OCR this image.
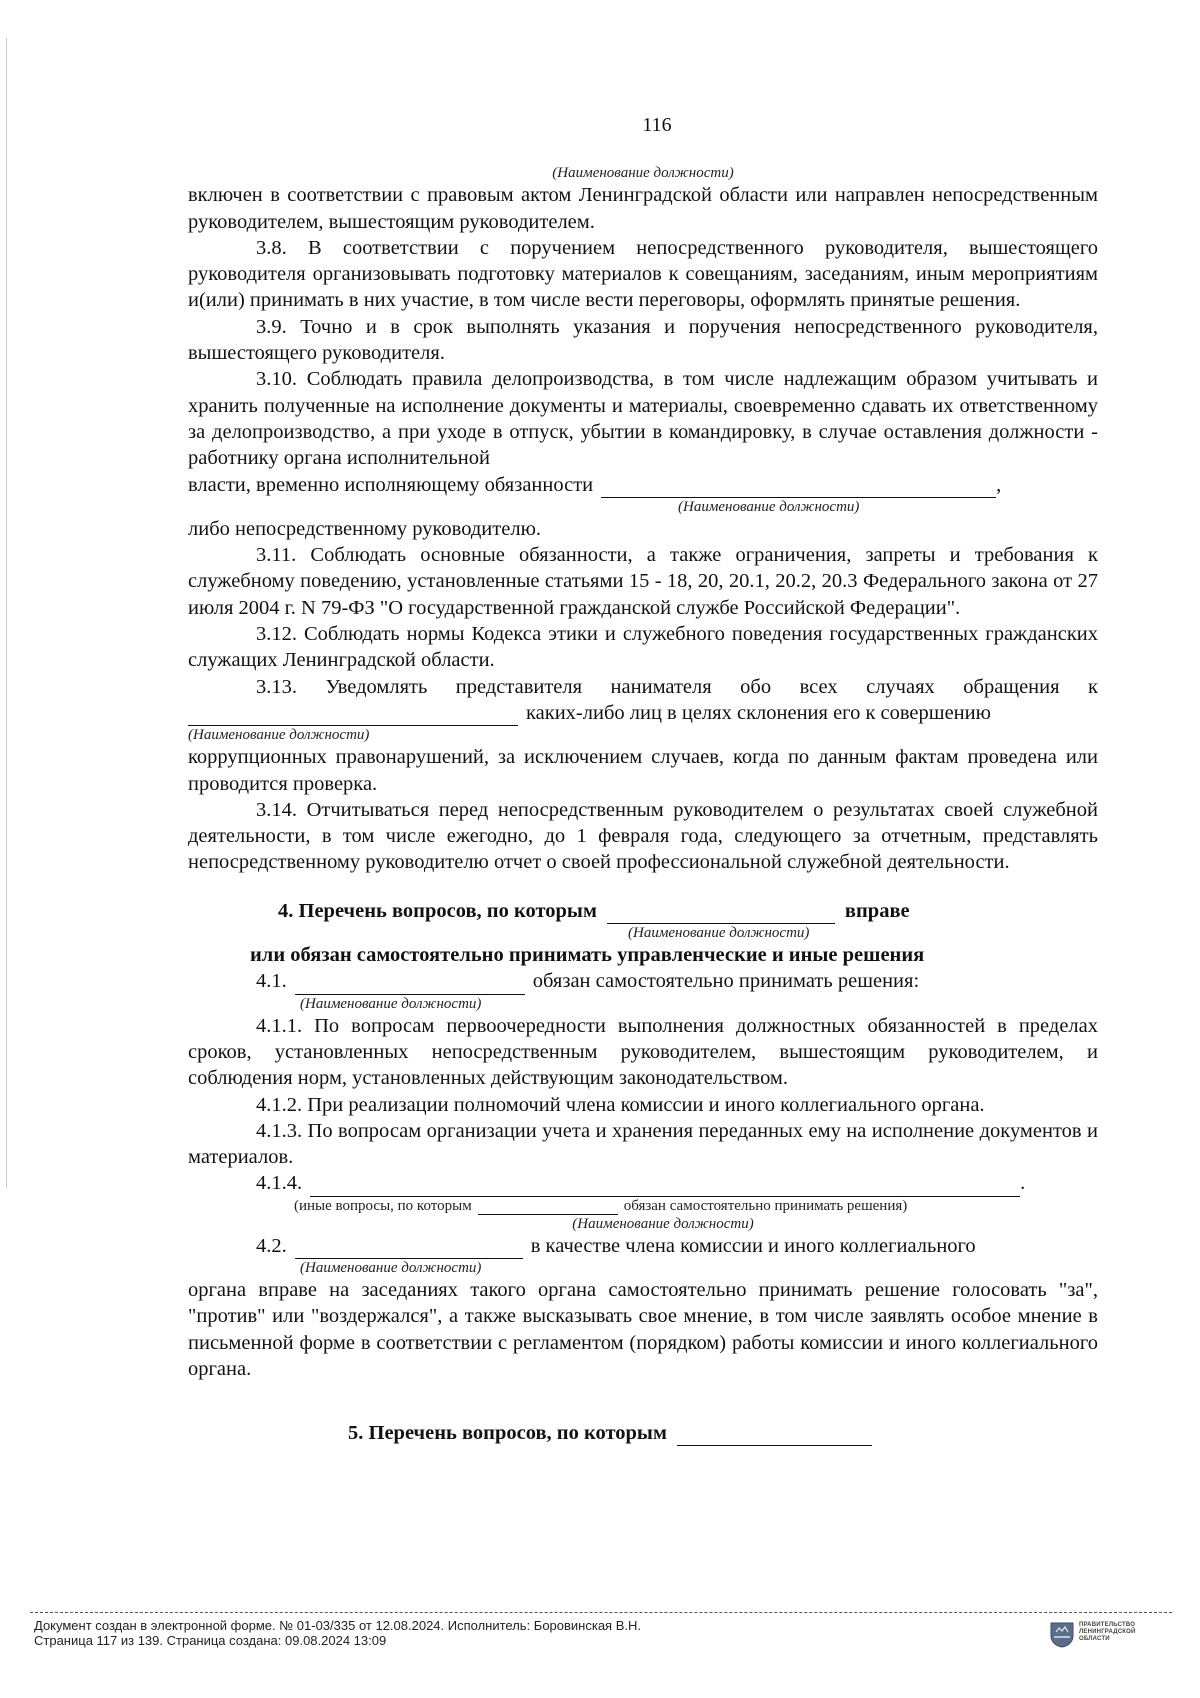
116
(Наименование должности)

включен в соответствии с правовым актом Ленинградской области или направлен непосредственным руководителем, вышестоящим руководителем.

3.8. В соответствии с поручением непосредственного руководителя, вышестоящего руководителя организовывать подготовку материалов к совещаниям, заседаниям, иным мероприятиям и(или) принимать в них участие, в том числе вести переговоры, оформлять принятые решения.

3.9. Точно и в срок выполнять указания и поручения непосредственного руководителя, вышестоящего руководителя.

3.10. Соблюдать правила делопроизводства, в том числе надлежащим образом учитывать и хранить полученные на исполнение документы и материалы, своевременно сдавать их ответственному за делопроизводство, а при уходе в отпуск, убытии в командировку, в случае оставления должности - работнику органа исполнительной

власти, временно исполняющему обязанности	,
(Наименование должности)

либо непосредственному руководителю.

3.11. Соблюдать основные обязанности, а также ограничения, запреты и требования к служебному поведению, установленные статьями 15 - 18, 20, 20.1, 20.2, 20.3 Федерального закона от 27 июля 2004 г. N 79-ФЗ "О государственной гражданской службе Российской Федерации".

3.12. Соблюдать нормы Кодекса этики и служебного поведения государственных гражданских служащих Ленинградской области.

3.13. Уведомлять представителя нанимателя обо всех случаях обращения к

каких-либо лиц в целях склонения его к совершению
(Наименование должности)

коррупционных правонарушений, за исключением случаев, когда по данным фактам проведена или проводится проверка.

3.14. Отчитываться перед непосредственным руководителем о результатах своей служебной деятельности, в том числе ежегодно, до 1 февраля года, следующего за отчетным, представлять непосредственному руководителю отчет о своей профессиональной служебной деятельности.

4. Перечень вопросов, по которым	вправе
(Наименование должности)
или обязан самостоятельно принимать управленческие и иные решения
4.1.	обязан самостоятельно принимать решения:
(Наименование должности)

4.1.1. По вопросам первоочередности выполнения должностных обязанностей в пределах сроков, установленных непосредственным руководителем, вышестоящим руководителем, и соблюдения норм, установленных действующим законодательством.

4.1.2. При реализации полномочий члена комиссии и иного коллегиального органа.

4.1.3. По вопросам организации учета и хранения переданных ему на исполнение документов и материалов.

4.1.4.	.
(иные вопросы, по которым	обязан самостоятельно принимать решения)
(Наименование должности)
4.2.	в качестве члена комиссии и иного коллегиального
(Наименование должности)

органа вправе на заседаниях такого органа самостоятельно принимать решение голосовать "за", "против" или "воздержался", а также высказывать свое мнение, в том числе заявлять особое мнение в письменной форме в соответствии с регламентом (порядком) работы комиссии и иного коллегиального органа.

5. Перечень вопросов, по которым
Документ создан в электронной форме. № 01-03/335 от 12.08.2024. Исполнитель: Боровинская В.Н.
Страница 117 из 139. Страница создана: 09.08.2024 13:09
ПРАВИТЕЛЬСТВО
ЛЕНИНГРАДСКОЙ
ОБЛАСТИ
